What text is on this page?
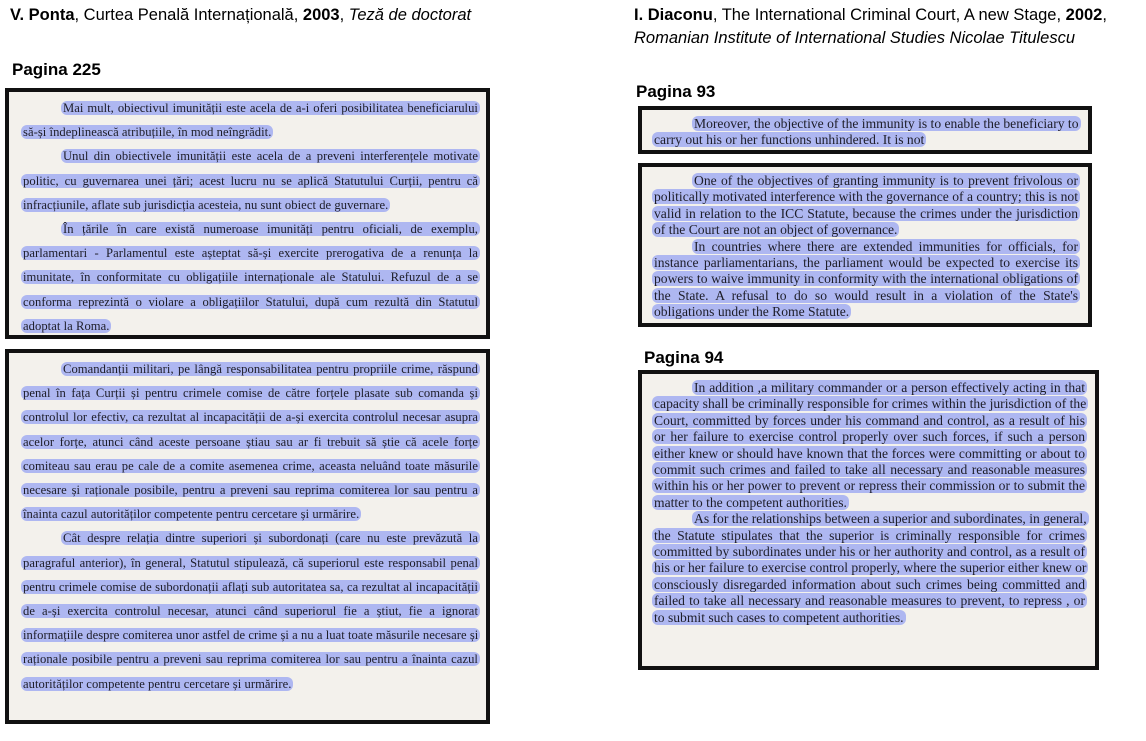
V. Ponta, Curtea Penală Internațională, 2003, Teză de doctorat
Pagina 225

Mai mult, obiectivul imunității este acela de a-i oferi posibilitatea beneficiarului să-și îndeplinească atribuțiile, în mod neîngrădit.

Unul din obiectivele imunității este acela de a preveni interferențele motivate politic, cu guvernarea unei țări; acest lucru nu se aplică Statutului Curții, pentru că infracțiunile, aflate sub jurisdicția acesteia, nu sunt obiect de guvernare.

În țările în care există numeroase imunități pentru oficiali, de exemplu, parlamentari - Parlamentul este așteptat să-și exercite prerogativa de a renunța la imunitate, în conformitate cu obligațiile internaționale ale Statului. Refuzul de a se conforma reprezintă o violare a obligațiilor Statului, după cum rezultă din Statutul adoptat la Roma.

Comandanții militari, pe lângă responsabilitatea pentru propriile crime, răspund penal în fața Curții și pentru crimele comise de către forțele plasate sub comanda și controlul lor efectiv, ca rezultat al incapacității de a-și exercita controlul necesar asupra acelor forțe, atunci când aceste persoane știau sau ar fi trebuit să știe că acele forțe comiteau sau erau pe cale de a comite asemenea crime, aceasta neluând toate măsurile necesare și raționale posibile, pentru a preveni sau reprima comiterea lor sau pentru a înainta cazul autorităților competente pentru cercetare și urmărire.

Cât despre relația dintre superiori și subordonați (care nu este prevăzută la paragraful anterior), în general, Statutul stipulează, că superiorul este responsabil penal pentru crimele comise de subordonații aflați sub autoritatea sa, ca rezultat al incapacității de a-și exercita controlul necesar, atunci când superiorul fie a știut, fie a ignorat informațiile despre comiterea unor astfel de crime și a nu a luat toate măsurile necesare și raționale posibile pentru a preveni sau reprima comiterea lor sau pentru a înainta cazul autorităților competente pentru cercetare și urmărire.

I. Diaconu, The International Criminal Court, A new Stage, 2002, Romanian Institute of International Studies Nicolae Titulescu
Pagina 93

Moreover, the objective of the immunity is to enable the beneficiary to carry out his or her functions unhindered. It is not

One of the objectives of granting immunity is to prevent frivolous or politically motivated interference with the governance of a country; this is not valid in relation to the ICC Statute, because the crimes under the jurisdiction of the Court are not an object of governance.

In countries where there are extended immunities for officials, for instance parliamentarians, the parliament would be expected to exercise its powers to waive immunity in conformity with the international obligations of the State. A refusal to do so would result in a violation of the State's obligations under the Rome Statute.

Pagina 94

In addition ,a military commander or a person effectively acting in that capacity shall be criminally responsible for crimes within the jurisdiction of the Court, committed by forces under his command and control, as a result of his or her failure to exercise control properly over such forces, if such a person either knew or should have known that the forces were committing or about to commit such crimes and failed to take all necessary and reasonable measures within his or her power to prevent or repress their commission or to submit the matter to the competent authorities.

As for the relationships between a superior and subordinates, in general, the Statute stipulates that the superior is criminally responsible for crimes committed by subordinates under his or her authority and control, as a result of his or her failure to exercise control properly, where the superior either knew or consciously disregarded information about such crimes being committed and failed to take all necessary and reasonable measures to prevent, to repress , or to submit such cases to competent authorities.
